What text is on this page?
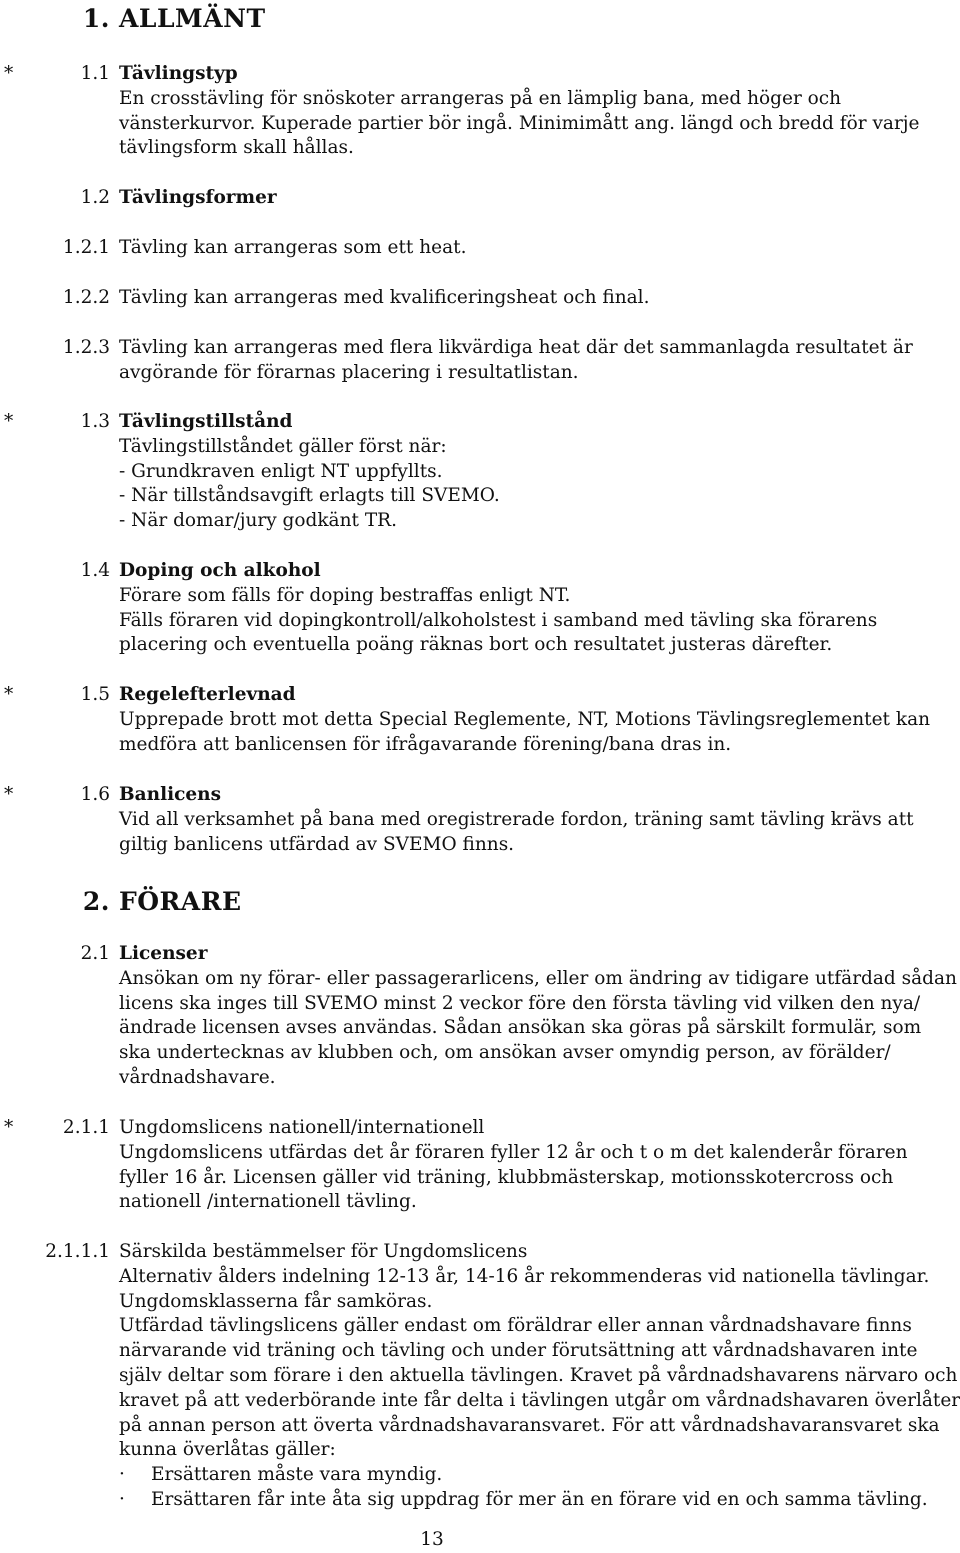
1. ALLMÄNT
*	1.1 Tävlingstyp
En crosstävling för snöskoter arrangeras på en lämplig bana, med höger och
vänsterkurvor. Kuperade partier bör ingå. Minimimått ang. längd och bredd för varje
tävlingsform skall hållas.
1.2 Tävlingsformer
1.2.1 Tävling kan arrangeras som ett heat.
1.2.2 Tävling kan arrangeras med kvalificeringsheat och final.
1.2.3 Tävling kan arrangeras med flera likvärdiga heat där det sammanlagda resultatet är
avgörande för förarnas placering i resultatlistan.
*	1.3 Tävlingstillstånd
Tävlingstillståndet gäller först när:
- Grundkraven enligt NT uppfyllts.
- När tillståndsavgift erlagts till SVEMO.
- När domar/jury godkänt TR.
1.4 Doping och alkohol
Förare som fälls för doping bestraffas enligt NT.
Fälls föraren vid dopingkontroll/alkoholstest i samband med tävling ska förarens
placering och eventuella poäng räknas bort och resultatet justeras därefter.
*	1.5 Regelefterlevnad
Upprepade brott mot detta Special Reglemente, NT, Motions Tävlingsreglementet kan
medföra att banlicensen för ifrågavarande förening/bana dras in.
*	1.6 Banlicens
Vid all verksamhet på bana med oregistrerade fordon, träning samt tävling krävs att
giltig banlicens utfärdad av SVEMO finns.
2. FÖRARE
2.1 Licenser
Ansökan om ny förar- eller passagerarlicens, eller om ändring av tidigare utfärdad sådan
licens ska inges till SVEMO minst 2 veckor före den första tävling vid vilken den nya/
ändrade licensen avses användas. Sådan ansökan ska göras på särskilt formulär, som
ska undertecknas av klubben och, om ansökan avser omyndig person, av förälder/
vårdnadshavare.
*	2.1.1 Ungdomslicens nationell/internationell
Ungdomslicens utfärdas det år föraren fyller 12 år och t o m det kalenderår föraren
fyller 16 år. Licensen gäller vid träning, klubbmästerskap, motionsskotercross och
nationell /internationell tävling.
2.1.1.1 Särskilda bestämmelser för Ungdomslicens
Alternativ ålders indelning 12-13 år, 14-16 år rekommenderas vid nationella tävlingar.
Ungdomsklasserna får samköras.
Utfärdad tävlingslicens gäller endast om föräldrar eller annan vårdnadshavare finns
närvarande vid träning och tävling och under förutsättning att vårdnadshavaren inte
själv deltar som förare i den aktuella tävlingen. Kravet på vårdnadshavarens närvaro och
kravet på att vederbörande inte får delta i tävlingen utgår om vårdnadshavaren överlåter
på annan person att överta vårdnadshavaransvaret. För att vårdnadshavaransvaret ska
kunna överlåtas gäller:
· Ersättaren måste vara myndig.
· Ersättaren får inte åta sig uppdrag för mer än en förare vid en och samma tävling.
13
